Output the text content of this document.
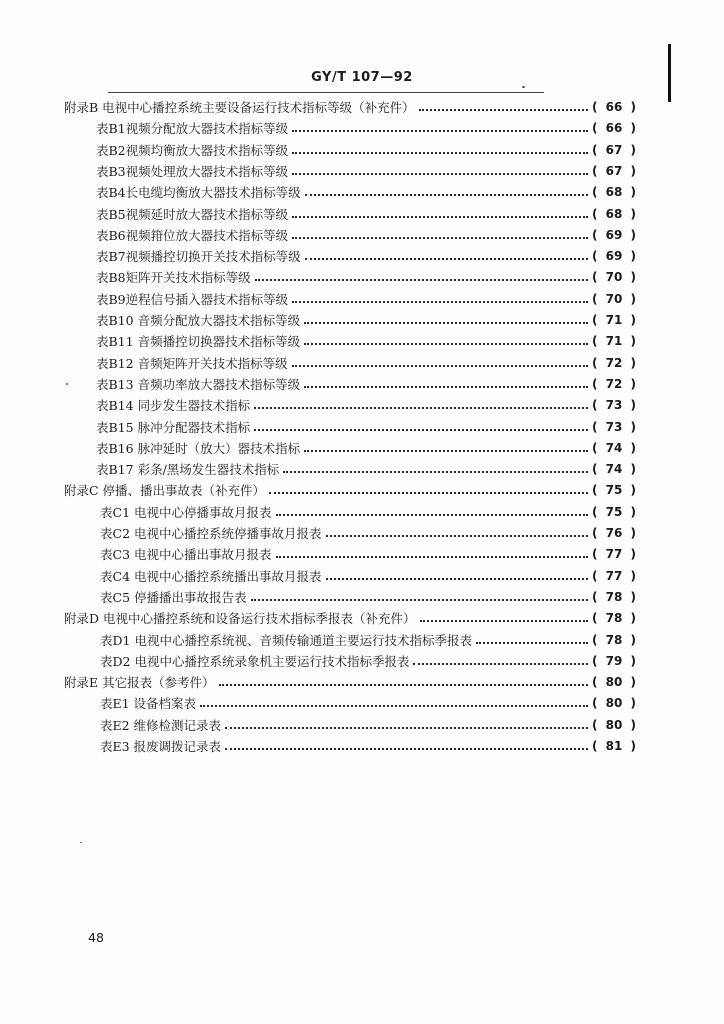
GY/T 107—92
附录B 电视中心播控系统主要设备运行技术指标等级（补充件）	( 66 )
表B1视频分配放大器技术指标等级	( 66 )
表B2视频均衡放大器技术指标等级	( 67 )
表B3视频处理放大器技术指标等级	( 67 )
表B4长电缆均衡放大器技术指标等级	( 68 )
表B5视频延时放大器技术指标等级	( 68 )
表B6视频箝位放大器技术指标等级	( 69 )
表B7视频播控切换开关技术指标等级	( 69 )
表B8矩阵开关技术指标等级	( 70 )
表B9逆程信号插入器技术指标等级	( 70 )
表B10 音频分配放大器技术指标等级	( 71 )
表B11 音频播控切换器技术指标等级	( 71 )
表B12 音频矩阵开关技术指标等级	( 72 )
表B13 音频功率放大器技术指标等级	( 72 )
表B14 同步发生器技术指标	( 73 )
表B15 脉冲分配器技术指标	( 73 )
表B16 脉冲延时（放大）器技术指标	( 74 )
表B17 彩条/黑场发生器技术指标	( 74 )
附录C 停播、播出事故表（补充件）	( 75 )
表C1 电视中心停播事故月报表	( 75 )
表C2 电视中心播控系统停播事故月报表	( 76 )
表C3 电视中心播出事故月报表	( 77 )
表C4 电视中心播控系统播出事故月报表	( 77 )
表C5 停播播出事故报告表	( 78 )
附录D 电视中心播控系统和设备运行技术指标季报表（补充件）	( 78 )
表D1 电视中心播控系统视、音频传输通道主要运行技术指标季报表	( 78 )
表D2 电视中心播控系统录象机主要运行技术指标季报表	( 79 )
附录E 其它报表（参考件）	( 80 )
表E1 设备档案表	( 80 )
表E2 维修检测记录表	( 80 )
表E3 报废调拨记录表	( 81 )
48
